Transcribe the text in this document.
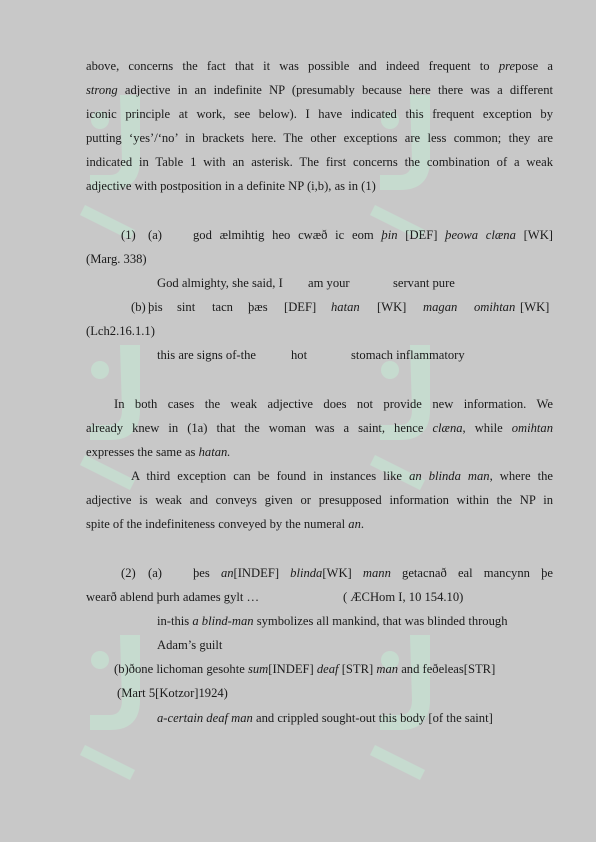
above, concerns the fact that it was possible and indeed frequent to prepose a
strong adjective in an indefinite NP (presumably because here there was a different
iconic principle at work, see below). I have indicated this frequent exception by
putting ‘yes’/‘no’ in brackets here. The other exceptions are less common; they are
indicated in Table 1 with an asterisk. The first concerns the combination of a weak
adjective with postposition in a definite NP (i,b), as in (1)
(1) (a) god ælmihtig heo cwæð ic eom þin [DEF] þeowa clæna [WK]
(Marg. 338)
God almighty, she said, I am your	servant pure
(b) þis sint tacn þæs [DEF] hatan [WK] magan omihtan [WK]
(Lch2.16.1.1)
this are signs of-the	hot	stomach inflammatory
In both cases the weak adjective does not provide new information. We
already knew in (1a) that the woman was a saint, hence clæna, while omihtan
expresses the same as hatan.
A third exception can be found in instances like an blinda man, where the
adjective is weak and conveys given or presupposed information within the NP in
spite of the indefiniteness conveyed by the numeral an.
(2) (a) þes an[INDEF] blinda[WK] mann getacnað eal mancynn þe
wearð ablend þurh adames gylt …	( ÆCHom I, 10 154.10)
in-this a blind-man symbolizes all mankind, that was blinded through
Adam’s guilt
(b)ðone lichoman gesohte sum[INDEF] deaf [STR] man and feðeleas[STR]
(Mart 5[Kotzor]1924)
a-certain deaf man and crippled sought-out this body [of the saint]
